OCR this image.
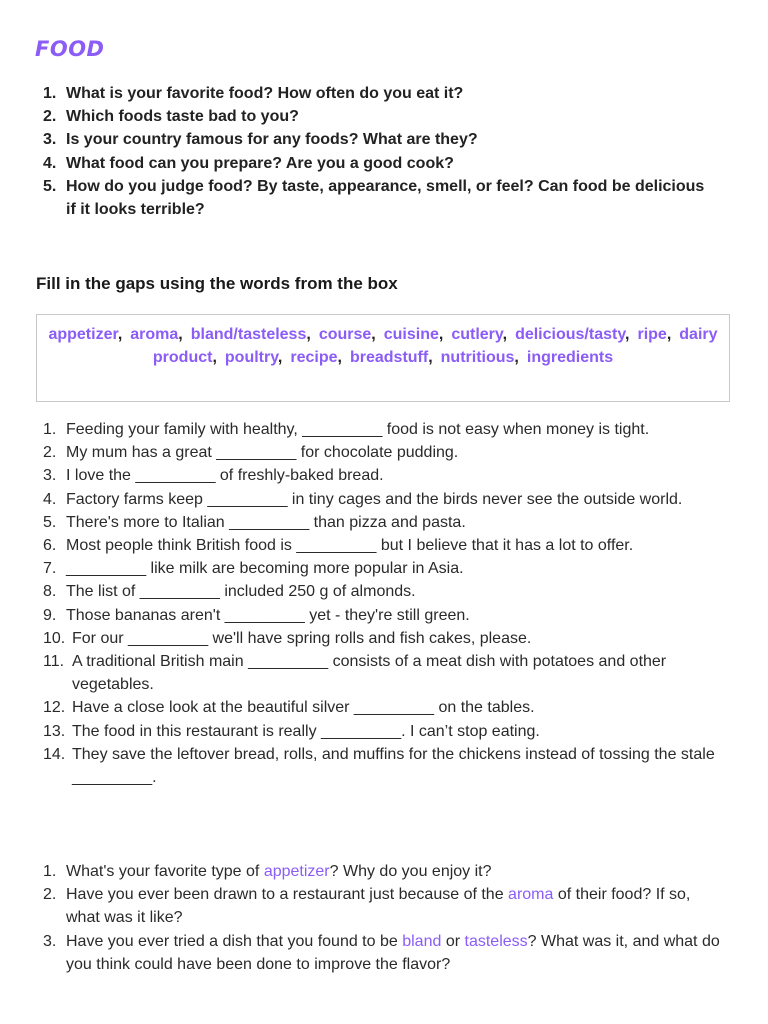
FOOD
1. What is your favorite food? How often do you eat it?
2. Which foods taste bad to you?
3. Is your country famous for any foods? What are they?
4. What food can you prepare? Are you a good cook?
5. How do you judge food? By taste, appearance, smell, or feel? Can food be delicious if it looks terrible?
Fill in the gaps using the words from the box
appetizer, aroma, bland/tasteless, course, cuisine, cutlery, delicious/tasty, ripe, dairy product, poultry, recipe, breadstuff, nutritious, ingredients
1. Feeding your family with healthy, _________ food is not easy when money is tight.
2. My mum has a great _________ for chocolate pudding.
3. I love the _________ of freshly-baked bread.
4. Factory farms keep _________ in tiny cages and the birds never see the outside world.
5. There's more to Italian _________ than pizza and pasta.
6. Most people think British food is _________ but I believe that it has a lot to offer.
7. _________ like milk are becoming more popular in Asia.
8. The list of _________ included 250 g of almonds.
9. Those bananas aren't _________ yet - they're still green.
10. For our _________ we'll have spring rolls and fish cakes, please.
11. A traditional British main _________ consists of a meat dish with potatoes and other vegetables.
12. Have a close look at the beautiful silver _________ on the tables.
13. The food in this restaurant is really _________. I can’t stop eating.
14. They save the leftover bread, rolls, and muffins for the chickens instead of tossing the stale _________.
1. What's your favorite type of appetizer? Why do you enjoy it?
2. Have you ever been drawn to a restaurant just because of the aroma of their food? If so, what was it like?
3. Have you ever tried a dish that you found to be bland or tasteless? What was it, and what do you think could have been done to improve the flavor?
